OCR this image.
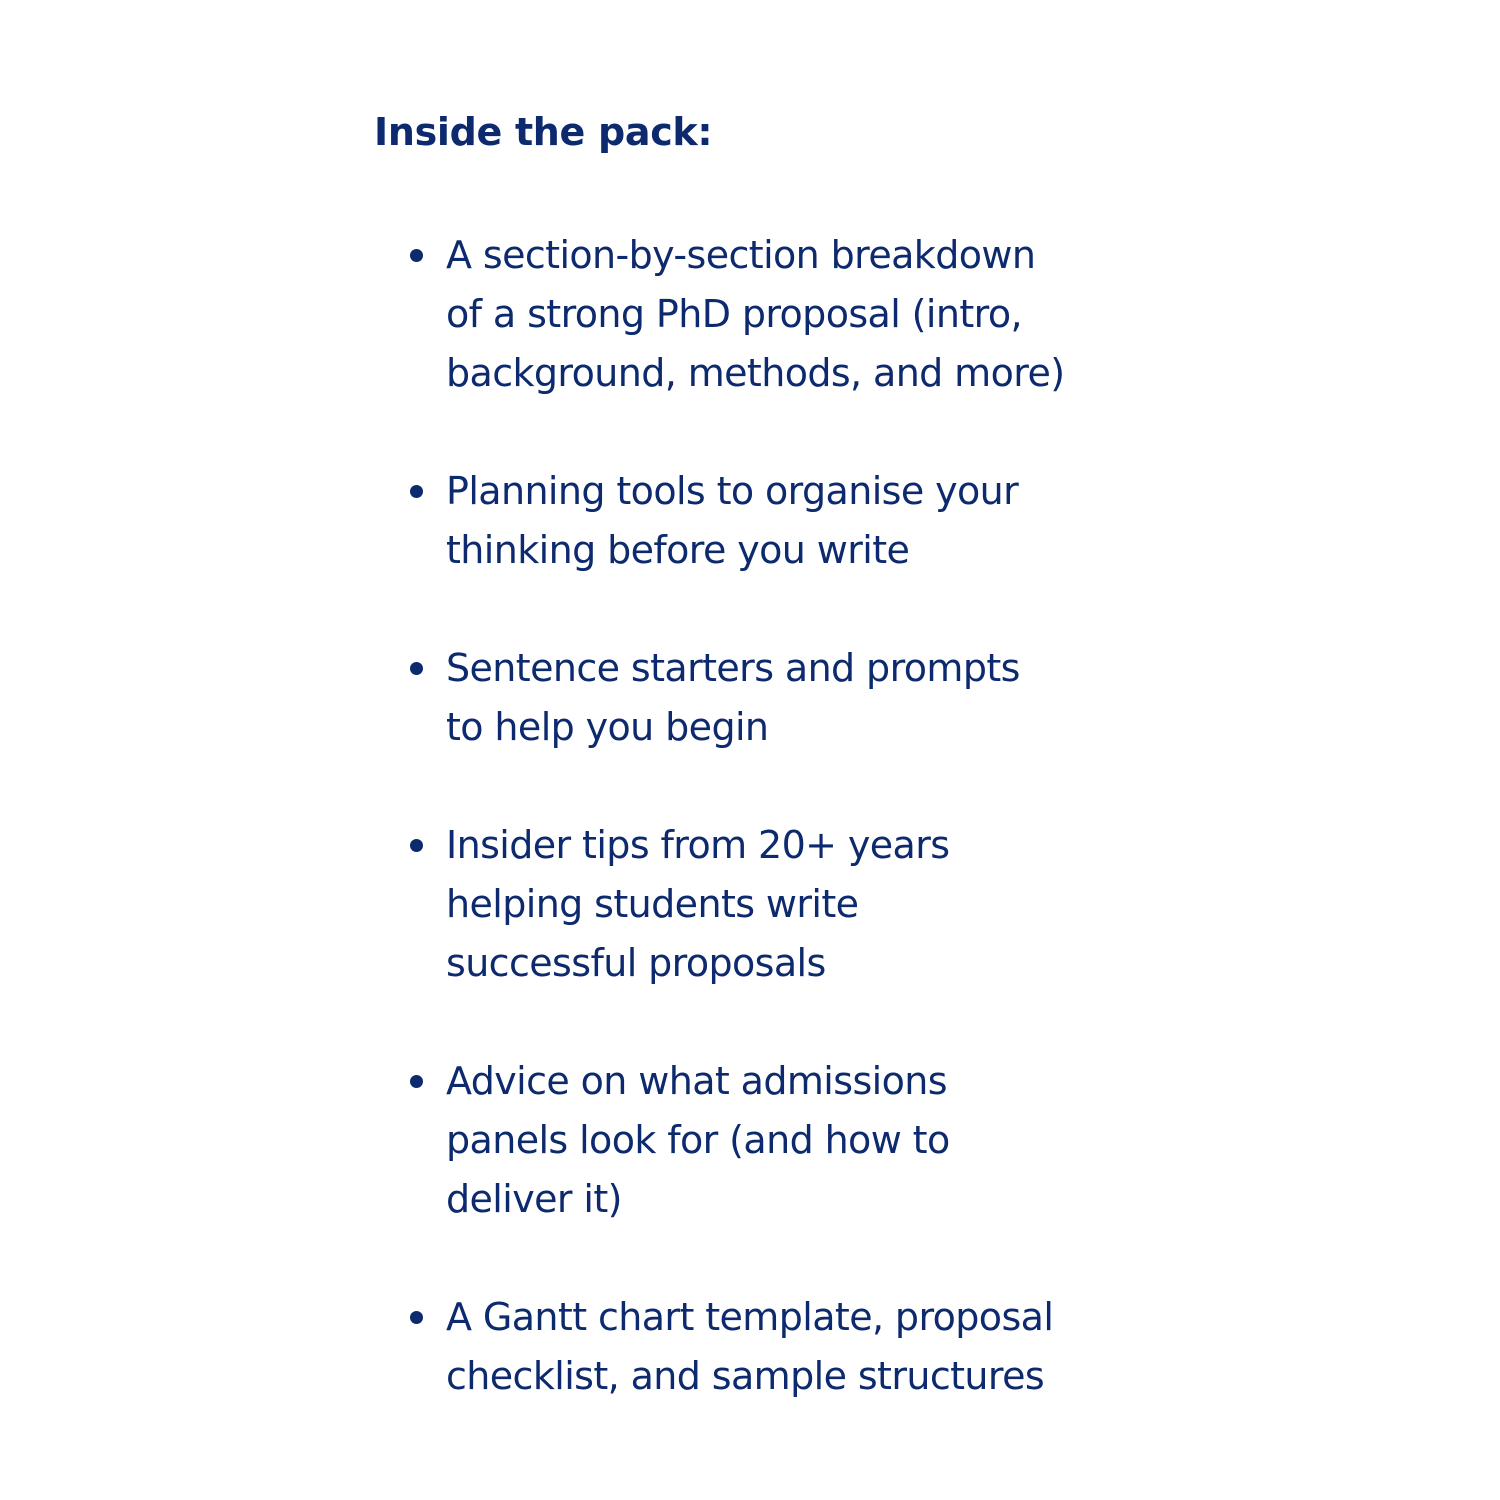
Inside the pack:
A section-by-section breakdown
of a strong PhD proposal (intro,
background, methods, and more)
Planning tools to organise your
thinking before you write
Sentence starters and prompts
to help you begin
Insider tips from 20+ years
helping students write
successful proposals
Advice on what admissions
panels look for (and how to
deliver it)
A Gantt chart template, proposal
checklist, and sample structures
